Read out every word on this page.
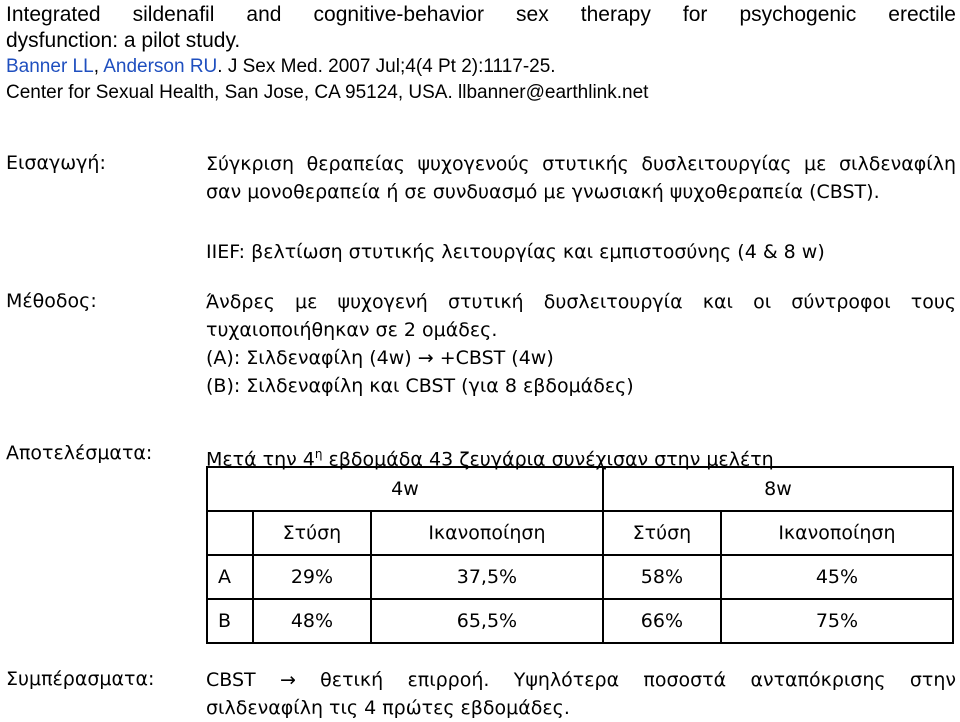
Integrated sildenafil and cognitive-behavior sex therapy for psychogenic erectile
dysfunction: a pilot study.
Banner LL, Anderson RU. J Sex Med. 2007 Jul;4(4 Pt 2):1117-25.
Center for Sexual Health, San Jose, CA 95124, USA. llbanner@earthlink.net
Εισαγωγή:	Σύγκριση θεραπείας ψυχογενούς στυτικής δυσλειτουργίας με σιλδεναφίλη
σαν μονοθεραπεία ή σε συνδυασμό με γνωσιακή ψυχοθεραπεία (CBST).
IIEF: βελτίωση στυτικής λειτουργίας και εμπιστοσύνης (4 & 8 w)
Μέθοδος:	Άνδρες με ψυχογενή στυτική δυσλειτουργία και οι σύντροφοι τους
τυχαιοποιήθηκαν σε 2 ομάδες.
(A): Σιλδεναφίλη (4w) → +CBST (4w)
(B): Σιλδεναφίλη και CBST (για 8 εβδομάδες)
Αποτελέσματα:	Μετά την $4^\eta$ εβδομάδα 43 ζευγάρια συνέχισαν στην μελέτη
4w			8w	
	Στύση	Ικανοποίηση	Στύση	Ικανοποίηση
A	29%	37,5%	58%	45%
B	48%	65,5%	66%	75%
Συμπέρασματα:	CBST → θετική επιρροή. Υψηλότερα ποσοστά ανταπόκρισης στην
σιλδεναφίλη τις 4 πρώτες εβδομάδες.
